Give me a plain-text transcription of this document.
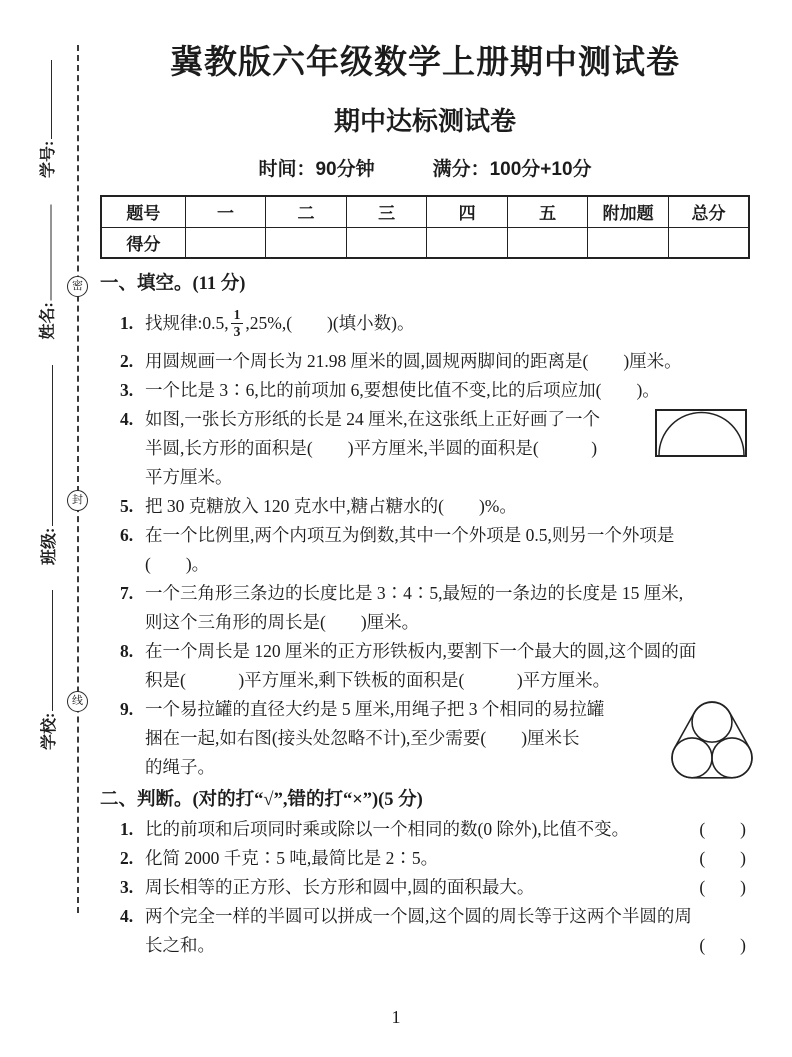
密
封
线
学号:
姓名:
班级:
学校:
冀教版六年级数学上册期中测试卷
期中达标测试卷
时间：90分钟	满分：100分+10分
题号	一	二	三	四	五	附加题	总分
得分							
一、填空。(11 分)
1. 找规律:0.5, $\frac{1}{3} ,25\%$,(　　)(填小数)。
2. 用圆规画一个周长为 21.98 厘米的圆,圆规两脚间的距离是(　　)厘米。
3. 一个比是 3∶6,比的前项加 6,要想使比值不变,比的后项应加(　　)。
4. 如图,一张长方形纸的长是 24 厘米,在这张纸上正好画了一个
半圆,长方形的面积是(　　)平方厘米,半圆的面积是(　　　)
平方厘米。
5. 把 30 克糖放入 120 克水中,糖占糖水的(　　)%。
6. 在一个比例里,两个内项互为倒数,其中一个外项是 0.5,则另一个外项是
(　　)。
7. 一个三角形三条边的长度比是 3∶4∶5,最短的一条边的长度是 15 厘米,
则这个三角形的周长是(　　)厘米。
8. 在一个周长是 120 厘米的正方形铁板内,要割下一个最大的圆,这个圆的面
积是(　　　)平方厘米,剩下铁板的面积是(　　　)平方厘米。
9. 一个易拉罐的直径大约是 5 厘米,用绳子把 3 个相同的易拉罐
捆在一起,如右图(接头处忽略不计),至少需要(　　)厘米长
的绳子。
二、判断。(对的打“√”,错的打“×”)(5 分)
1. 比的前项和后项同时乘或除以一个相同的数(0 除外),比值不变。	(　　)
2. 化简 2000 千克∶5 吨,最简比是 2∶5。	(　　)
3. 周长相等的正方形、长方形和圆中,圆的面积最大。	(　　)
4. 两个完全一样的半圆可以拼成一个圆,这个圆的周长等于这两个半圆的周
长之和。	(　　)
1
